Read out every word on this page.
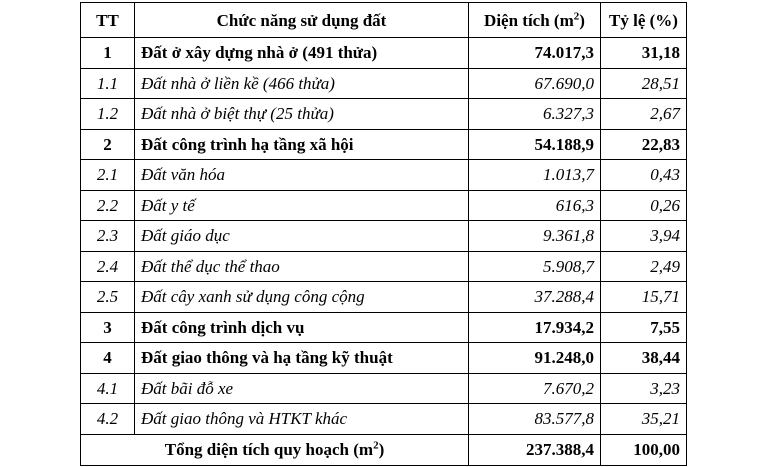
TT	Chức năng sử dụng đất	Diện tích $(m^2)$	Tỷ lệ (%)
1	Đất ở xây dựng nhà ở (491 thửa)	74.017,3	31,18
1.1	Đất nhà ở liền kề (466 thửa)	67.690,0	28,51
1.2	Đất nhà ở biệt thự (25 thửa)	6.327,3	2,67
2	Đất công trình hạ tầng xã hội	54.188,9	22,83
2.1	Đất văn hóa	1.013,7	0,43
2.2	Đất y tế	616,3	0,26
2.3	Đất giáo dục	9.361,8	3,94
2.4	Đất thể dục thể thao	5.908,7	2,49
2.5	Đất cây xanh sử dụng công cộng	37.288,4	15,71
3	Đất công trình dịch vụ	17.934,2	7,55
4	Đất giao thông và hạ tầng kỹ thuật	91.248,0	38,44
4.1	Đất bãi đỗ xe	7.670,2	3,23
4.2	Đất giao thông và HTKT khác	83.577,8	35,21
Tổng diện tích quy hoạch $(m^2)$		237.388,4	100,00
